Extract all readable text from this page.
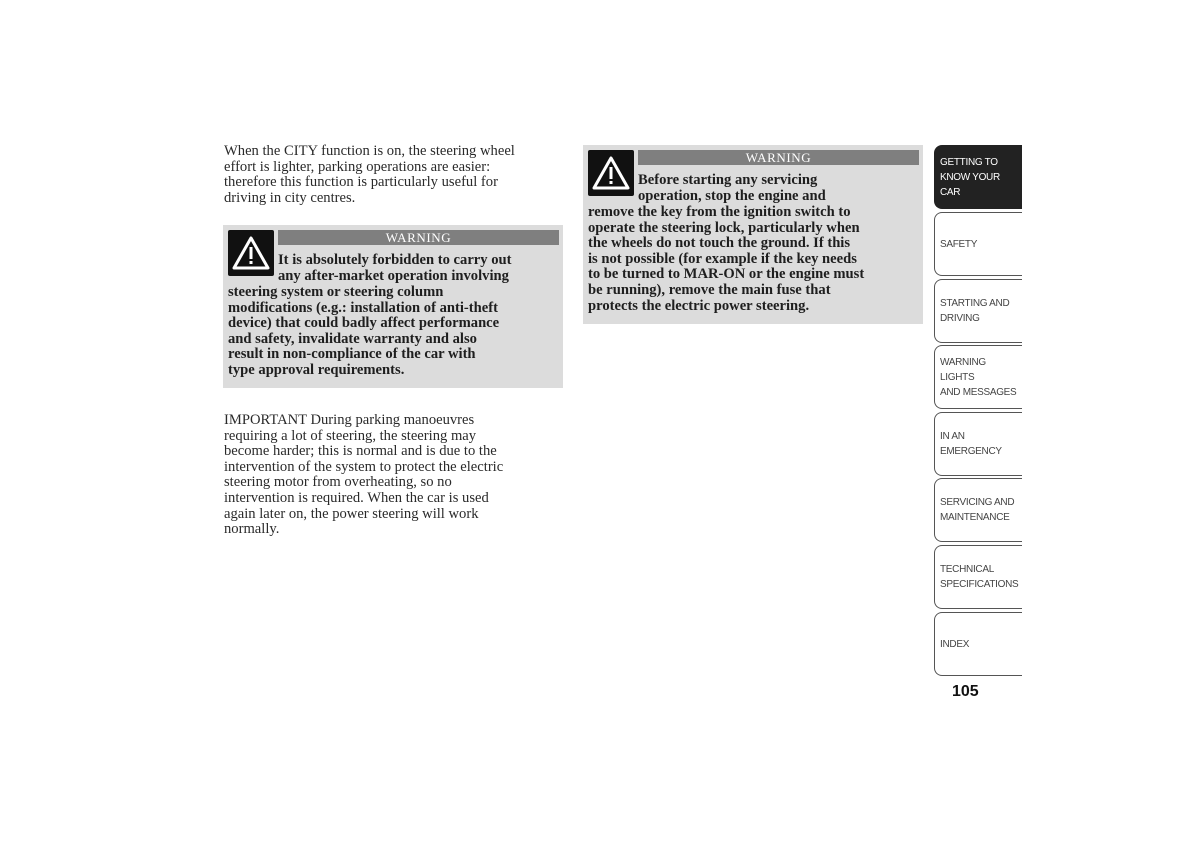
When the CITY function is on, the steering wheel
effort is lighter, parking operations are easier:
therefore this function is particularly useful for
driving in city centres.

WARNING
It is absolutely forbidden to carry out
any after-market operation involving
steering system or steering column
modifications (e.g.: installation of anti-theft
device) that could badly affect performance
and safety, invalidate warranty and also
result in non-compliance of the car with
type approval requirements.

IMPORTANT During parking manoeuvres
requiring a lot of steering, the steering may
become harder; this is normal and is due to the
intervention of the system to protect the electric
steering motor from overheating, so no
intervention is required. When the car is used
again later on, the power steering will work
normally.

WARNING
Before starting any servicing
operation, stop the engine and
remove the key from the ignition switch to
operate the steering lock, particularly when
the wheels do not touch the ground. If this
is not possible (for example if the key needs
to be turned to MAR-ON or the engine must
be running), remove the main fuse that
protects the electric power steering.
GETTING TO
KNOW YOUR CAR
SAFETY
STARTING AND
DRIVING
WARNING LIGHTS
AND MESSAGES
IN AN EMERGENCY
SERVICING AND
MAINTENANCE
TECHNICAL
SPECIFICATIONS
INDEX
105
